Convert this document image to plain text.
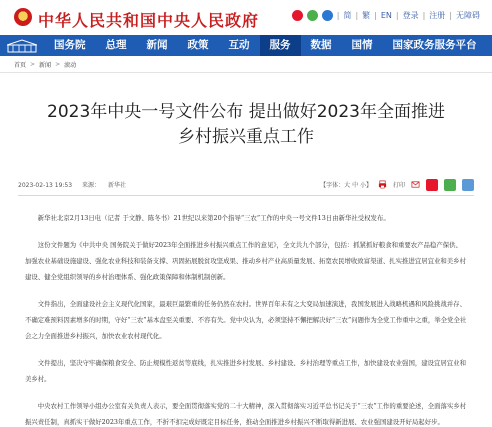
中华人民共和国中央人民政府	| 简 | 繁 | EN | 登录 | 注册 | 无障碍
国务院	总理	新闻	政策	互动	服务	数据	国情	国家政务服务平台
首页 > 新闻 > 滚动
2023年中央一号文件公布 提出做好2023年全面推进
乡村振兴重点工作
2023-02-13 19:53 来源： 新华社	【字体：大 中 小】	打印

新华社北京2月13日电（记者 于文静、陈冬书）21世纪以来第20个指导“三农”工作的中央一号文件13日由新华社受权发布。

这份文件题为《中共中央 国务院关于做好2023年全面推进乡村振兴重点工作的意见》，全文共九个部分，包括：抓紧抓好粮食和重要农产品稳产保供、加强农业基础设施建设、强化农业科技和装备支撑、巩固拓展脱贫攻坚成果、推动乡村产业高质量发展、拓宽农民增收致富渠道、扎实推进宜居宜业和美乡村建设、健全党组织领导的乡村治理体系、强化政策保障和体制机制创新。

文件指出，全面建设社会主义现代化国家，最艰巨最繁重的任务仍然在农村。世界百年未有之大变局加速演进，我国发展进入战略机遇和风险挑战并存、不确定难预料因素增多的时期，守好“三农”基本盘至关重要、不容有失。党中央认为，必须坚持不懈把解决好“三农”问题作为全党工作重中之重，举全党全社会之力全面推进乡村振兴，加快农业农村现代化。

文件提出，坚决守牢确保粮食安全、防止规模性返贫等底线，扎实推进乡村发展、乡村建设、乡村治理等重点工作，加快建设农业强国，建设宜居宜业和美乡村。

中央农村工作领导小组办公室有关负责人表示，要全面贯彻落实党的二十大精神，深入贯彻落实习近平总书记关于“三农”工作的重要论述，全面落实乡村振兴责任制，真抓实干做好2023年重点工作，不折不扣完成好既定目标任务，推动全面推进乡村振兴不断取得新进展、农业强国建设开好局起好步。
